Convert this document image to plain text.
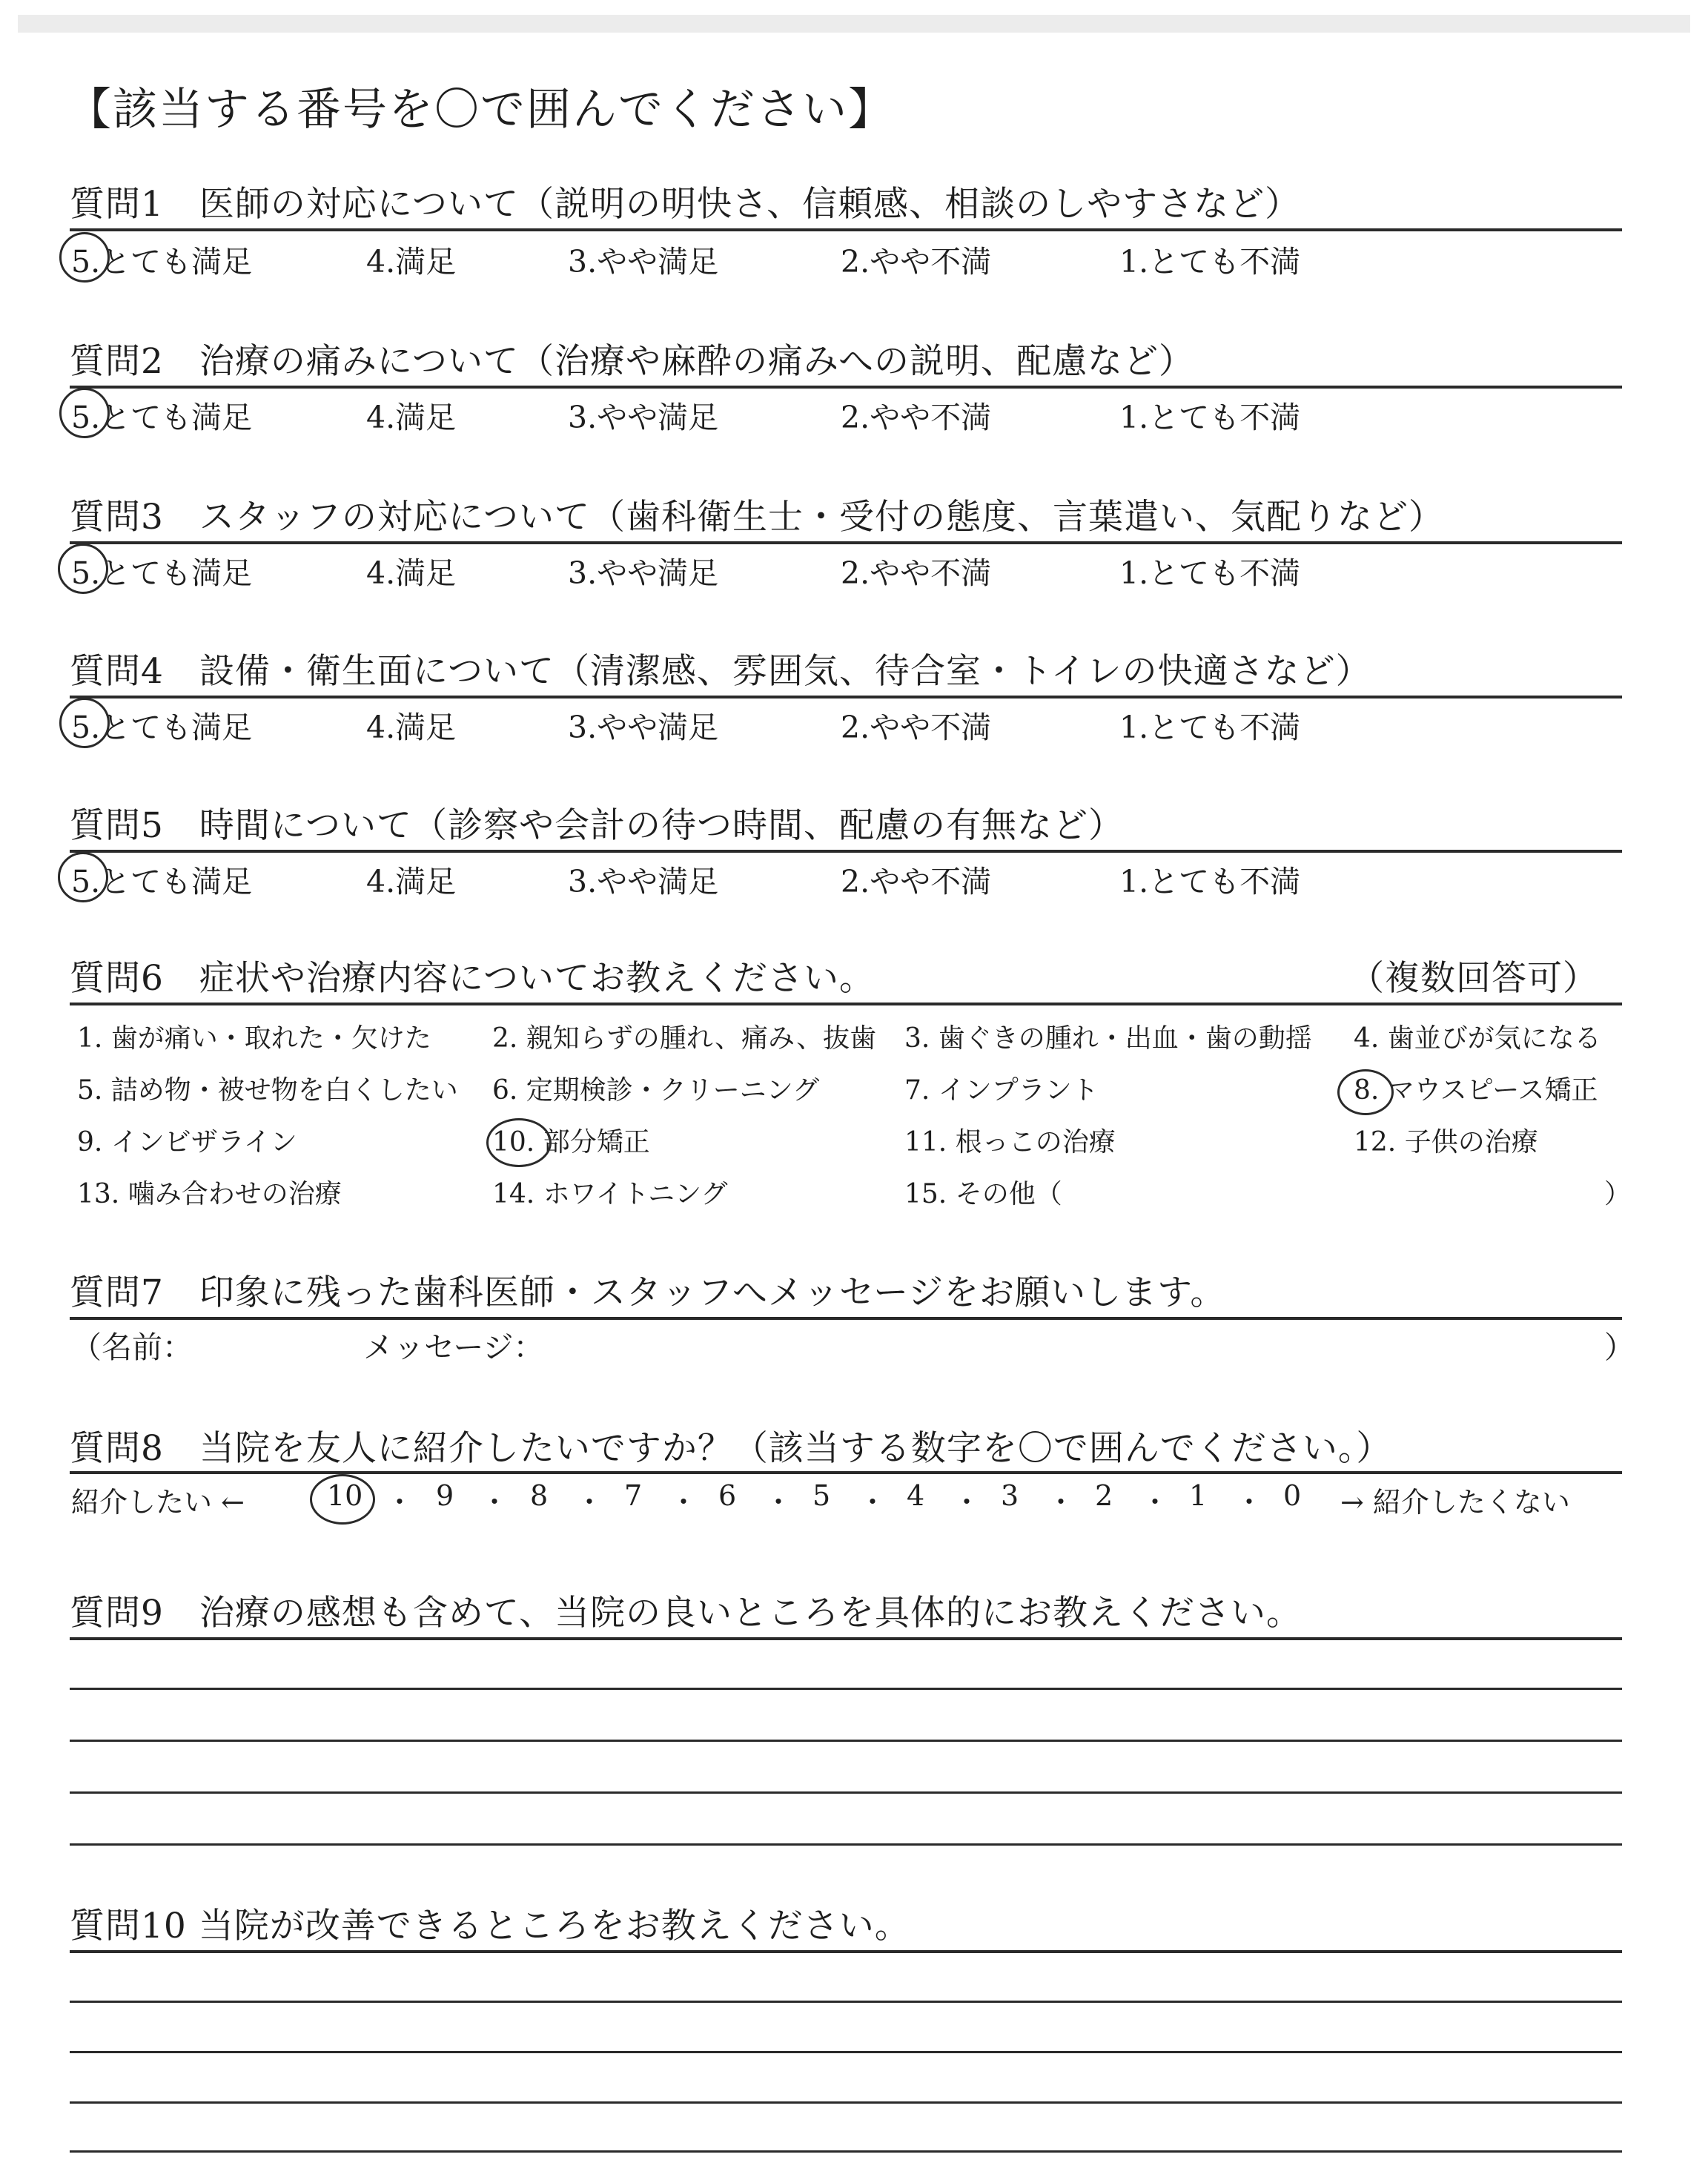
【該当する番号を〇で囲んでください】
質問1　医師の対応について（説明の明快さ、信頼感、相談のしやすさなど）
5.とても満足	4.満足	3.やや満足	2.やや不満	1.とても不満
質問2　治療の痛みについて（治療や麻酔の痛みへの説明、配慮など）
5.とても満足	4.満足	3.やや満足	2.やや不満	1.とても不満
質問3　スタッフの対応について（歯科衛生士・受付の態度、言葉遣い、気配りなど）
5.とても満足	4.満足	3.やや満足	2.やや不満	1.とても不満
質問4　設備・衛生面について（清潔感、雰囲気、待合室・トイレの快適さなど）
5.とても満足	4.満足	3.やや満足	2.やや不満	1.とても不満
質問5　時間について（診察や会計の待つ時間、配慮の有無など）
5.とても満足	4.満足	3.やや満足	2.やや不満	1.とても不満
質問6　症状や治療内容についてお教えください。	（複数回答可）
1. 歯が痛い・取れた・欠けた 2. 親知らずの腫れ、痛み、抜歯 3. 歯ぐきの腫れ・出血・歯の動揺 4. 歯並びが気になる
5. 詰め物・被せ物を白くしたい 6. 定期検診・クリーニング	7. インプラント	8. マウスピース矯正
9. インビザライン	10. 部分矯正	11. 根っこの治療	12. 子供の治療
13. 噛み合わせの治療	14. ホワイトニング	15. その他（	）
質問7　印象に残った歯科医師・スタッフへメッセージをお願いします。
（名前：	メッセージ：	）
質問8　当院を友人に紹介したいですか？（該当する数字を〇で囲んでください。）
紹介したい ←	10 ・ 9 ・ 8 ・ 7 ・ 6 ・ 5 ・ 4 ・ 3 ・ 2 ・ 1 ・ 0 → 紹介したくない
質問9　治療の感想も含めて、当院の良いところを具体的にお教えください。
質問10 当院が改善できるところをお教えください。
